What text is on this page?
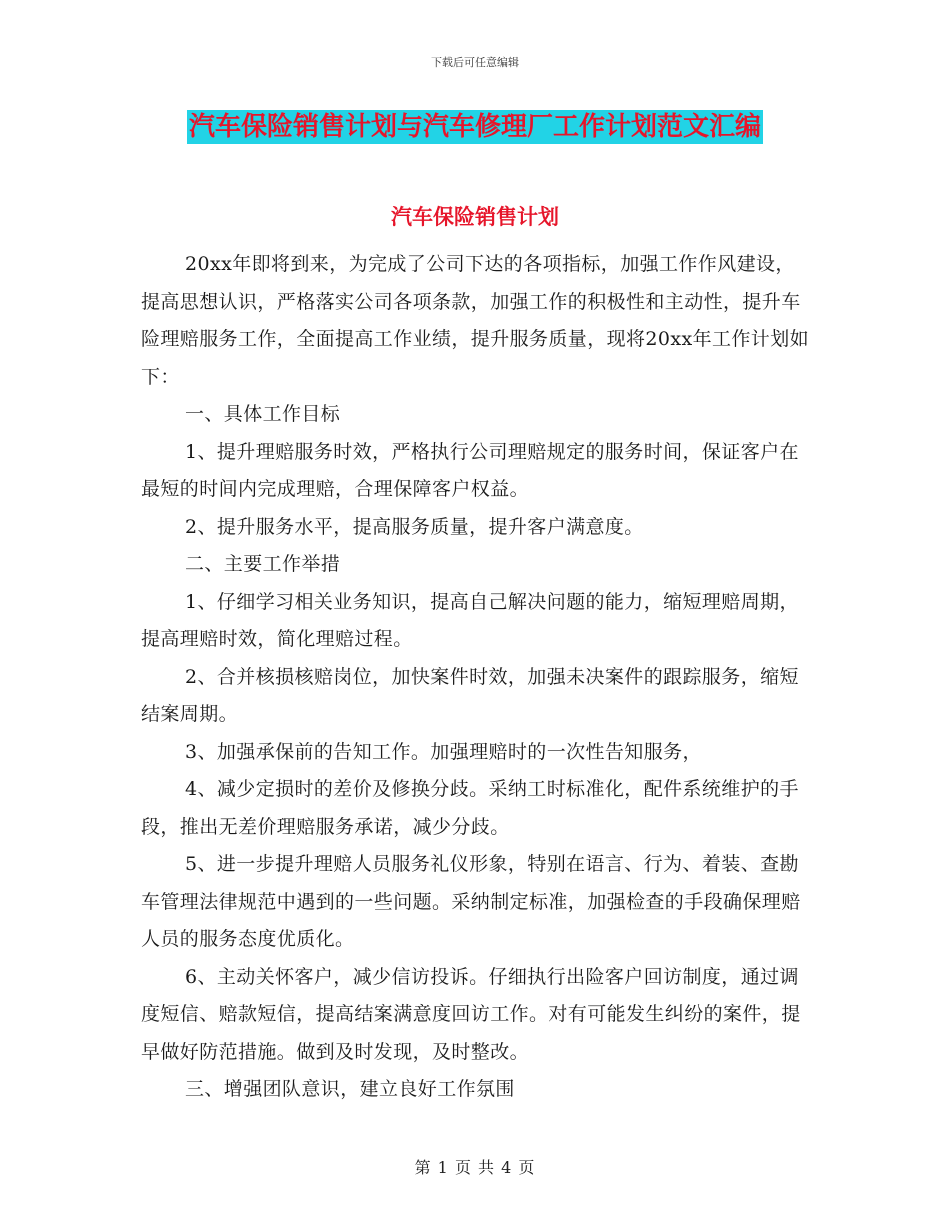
下载后可任意编辑
汽车保险销售计划与汽车修理厂工作计划范文汇编
汽车保险销售计划

20xx年即将到来，为完成了公司下达的各项指标，加强工作作风建设，提高思想认识，严格落实公司各项条款，加强工作的积极性和主动性，提升车险理赔服务工作，全面提高工作业绩，提升服务质量，现将20xx年工作计划如下：

一、具体工作目标

1、提升理赔服务时效，严格执行公司理赔规定的服务时间，保证客户在最短的时间内完成理赔，合理保障客户权益。

2、提升服务水平，提高服务质量，提升客户满意度。

二、主要工作举措

1、仔细学习相关业务知识，提高自己解决问题的能力，缩短理赔周期，提高理赔时效，简化理赔过程。

2、合并核损核赔岗位，加快案件时效，加强未决案件的跟踪服务，缩短结案周期。

3、加强承保前的告知工作。加强理赔时的一次性告知服务，

4、减少定损时的差价及修换分歧。采纳工时标准化，配件系统维护的手段，推出无差价理赔服务承诺，减少分歧。

5、进一步提升理赔人员服务礼仪形象，特别在语言、行为、着装、查勘车管理法律规范中遇到的一些问题。采纳制定标准，加强检查的手段确保理赔人员的服务态度优质化。

6、主动关怀客户，减少信访投诉。仔细执行出险客户回访制度，通过调度短信、赔款短信，提高结案满意度回访工作。对有可能发生纠纷的案件，提早做好防范措施。做到及时发现，及时整改。

三、增强团队意识，建立良好工作氛围

第 1 页 共 4 页
